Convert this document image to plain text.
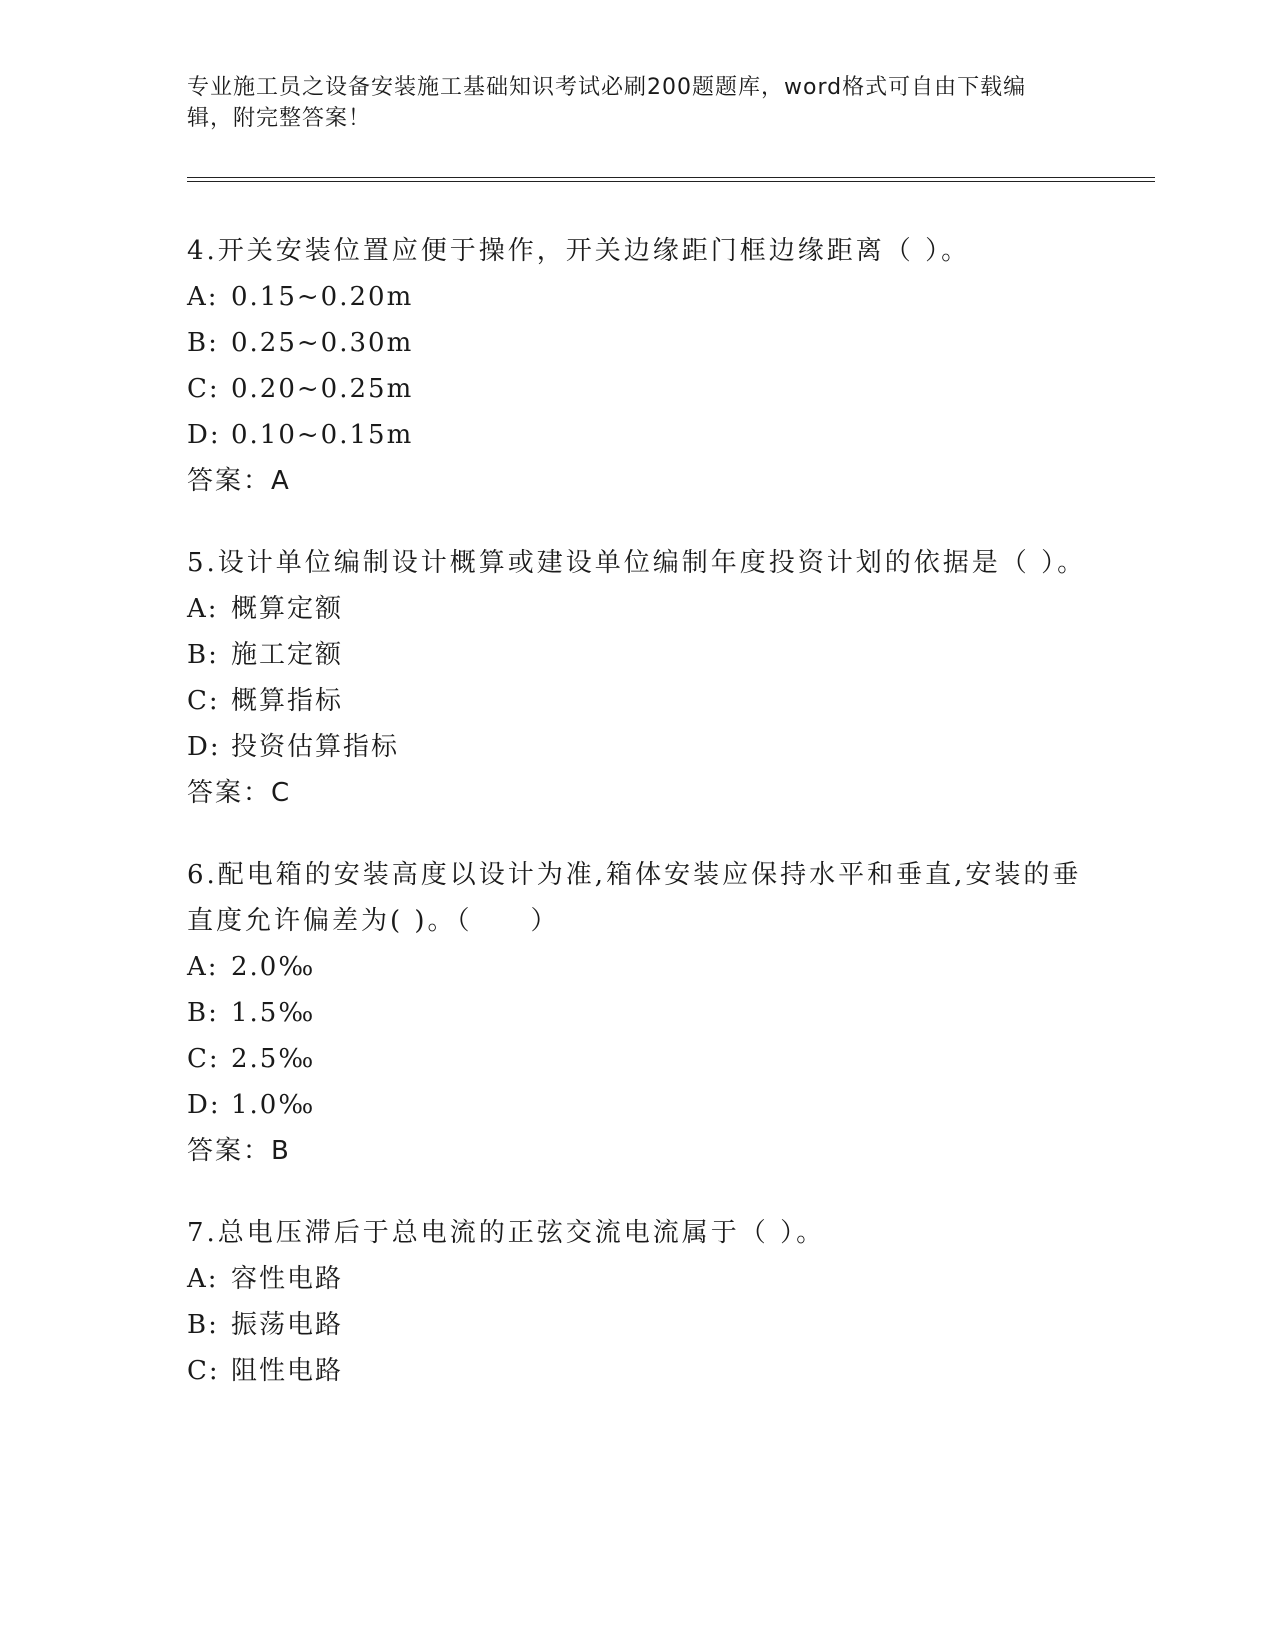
专业施工员之设备安装施工基础知识考试必刷200题题库，word格式可自由下载编辑，附完整答案！

4.开关安装位置应便于操作，开关边缘距门框边缘距离（ ）。

A: 0.15~0.20m

B: 0.25~0.30m

C: 0.20~0.25m

D: 0.10~0.15m

答案：A

5.设计单位编制设计概算或建设单位编制年度投资计划的依据是（ ）。

A: 概算定额

B: 施工定额

C: 概算指标

D: 投资估算指标

答案：C

6.配电箱的安装高度以设计为准,箱体安装应保持水平和垂直,安装的垂直度允许偏差为( )。（　　）

A: 2.0‰

B: 1.5‰

C: 2.5‰

D: 1.0‰

答案：B

7.总电压滞后于总电流的正弦交流电流属于（ ）。

A: 容性电路

B: 振荡电路

C: 阻性电路
